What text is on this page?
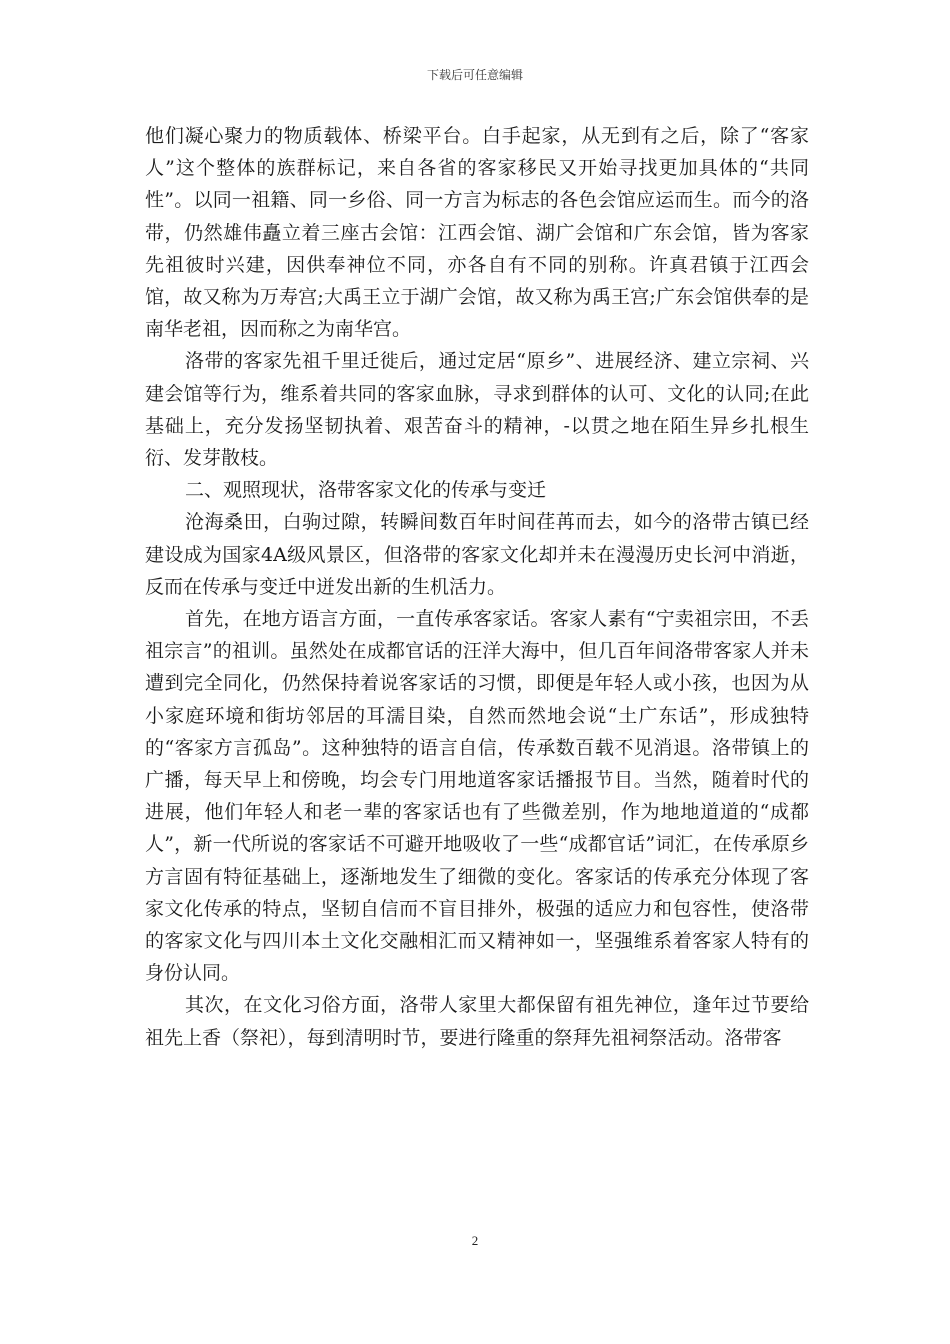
下载后可任意编辑

他们凝心聚力的物质载体、桥梁平台。白手起家，从无到有之后，除了“客家人”这个整体的族群标记，来自各省的客家移民又开始寻找更加具体的“共同性”。以同一祖籍、同一乡俗、同一方言为标志的各色会馆应运而生。而今的洛带，仍然雄伟矗立着三座古会馆：江西会馆、湖广会馆和广东会馆，皆为客家先祖彼时兴建，因供奉神位不同，亦各自有不同的别称。许真君镇于江西会馆，故又称为万寿宫;大禹王立于湖广会馆，故又称为禹王宫;广东会馆供奉的是南华老祖，因而称之为南华宫。

洛带的客家先祖千里迁徙后，通过定居“原乡”、进展经济、建立宗祠、兴建会馆等行为，维系着共同的客家血脉，寻求到群体的认可、文化的认同;在此基础上，充分发扬坚韧执着、艰苦奋斗的精神，-以贯之地在陌生异乡扎根生衍、发芽散枝。

二、观照现状，洛带客家文化的传承与变迁

沧海桑田，白驹过隙，转瞬间数百年时间荏苒而去，如今的洛带古镇已经建设成为国家4A级风景区，但洛带的客家文化却并未在漫漫历史长河中消逝，反而在传承与变迁中迸发出新的生机活力。

首先，在地方语言方面，一直传承客家话。客家人素有“宁卖祖宗田，不丢祖宗言”的祖训。虽然处在成都官话的汪洋大海中，但几百年间洛带客家人并未遭到完全同化，仍然保持着说客家话的习惯，即便是年轻人或小孩，也因为从小家庭环境和街坊邻居的耳濡目染，自然而然地会说“土广东话”，形成独特的“客家方言孤岛”。这种独特的语言自信，传承数百载不见消退。洛带镇上的广播，每天早上和傍晚，均会专门用地道客家话播报节目。当然，随着时代的进展，他们年轻人和老一辈的客家话也有了些微差别，作为地地道道的“成都人”，新一代所说的客家话不可避开地吸收了一些“成都官话”词汇，在传承原乡方言固有特征基础上，逐渐地发生了细微的变化。客家话的传承充分体现了客家文化传承的特点，坚韧自信而不盲目排外，极强的适应力和包容性，使洛带的客家文化与四川本土文化交融相汇而又精神如一，坚强维系着客家人特有的身份认同。

其次，在文化习俗方面，洛带人家里大都保留有祖先神位，逢年过节要给祖先上香（祭祀），每到清明时节，要进行隆重的祭拜先祖祠祭活动。洛带客

2
